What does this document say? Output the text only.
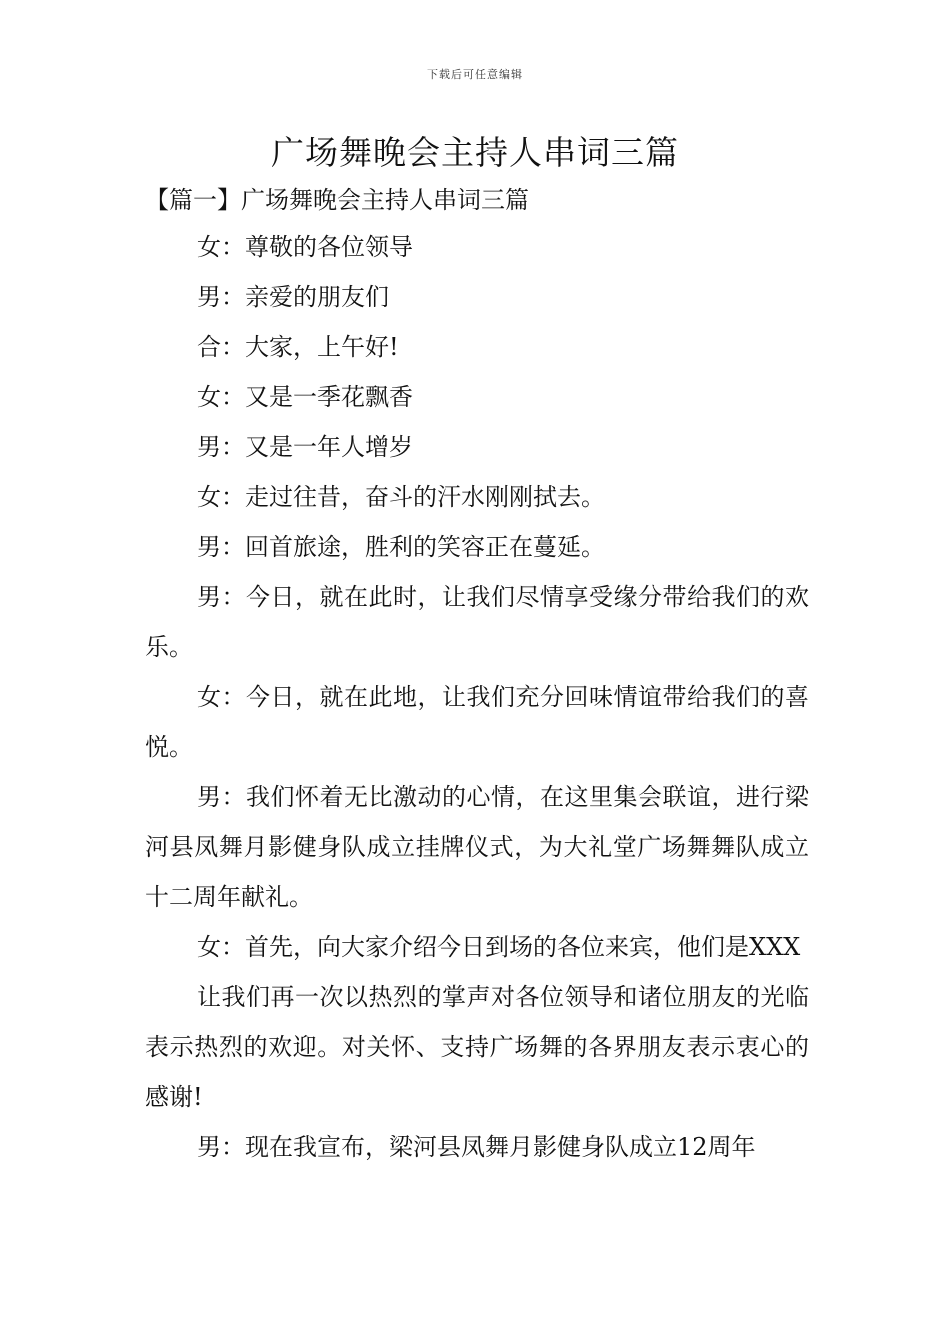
下载后可任意编辑
广场舞晚会主持人串词三篇
【篇一】广场舞晚会主持人串词三篇

女：尊敬的各位领导

男：亲爱的朋友们

合：大家，上午好!

女：又是一季花飘香

男：又是一年人增岁

女：走过往昔，奋斗的汗水刚刚拭去。

男：回首旅途，胜利的笑容正在蔓延。

男：今日，就在此时，让我们尽情享受缘分带给我们的欢乐。

女：今日，就在此地，让我们充分回味情谊带给我们的喜悦。

男：我们怀着无比激动的心情，在这里集会联谊，进行梁河县凤舞月影健身队成立挂牌仪式，为大礼堂广场舞舞队成立十二周年献礼。

女：首先，向大家介绍今日到场的各位来宾，他们是XXX

让我们再一次以热烈的掌声对各位领导和诸位朋友的光临表示热烈的欢迎。对关怀、支持广场舞的各界朋友表示衷心的感谢!

男：现在我宣布，梁河县凤舞月影健身队成立12周年
